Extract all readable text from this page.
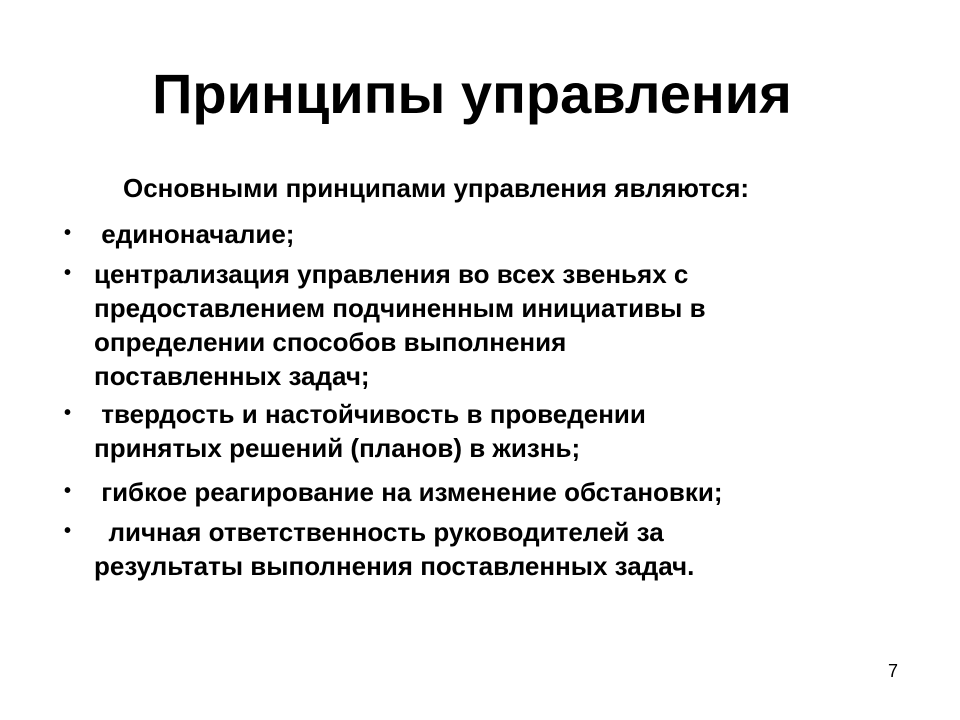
Принципы управления

Основными принципами управления являются:

• единоначалие;
• централизация управления во всех звеньях с
предоставлением подчиненным инициативы в
определении способов выполнения
поставленных задач;
• твердость и настойчивость в проведении
принятых решений (планов) в жизнь;
• гибкое реагирование на изменение обстановки;
•	личная ответственность руководителей за
результаты выполнения поставленных задач.

7
